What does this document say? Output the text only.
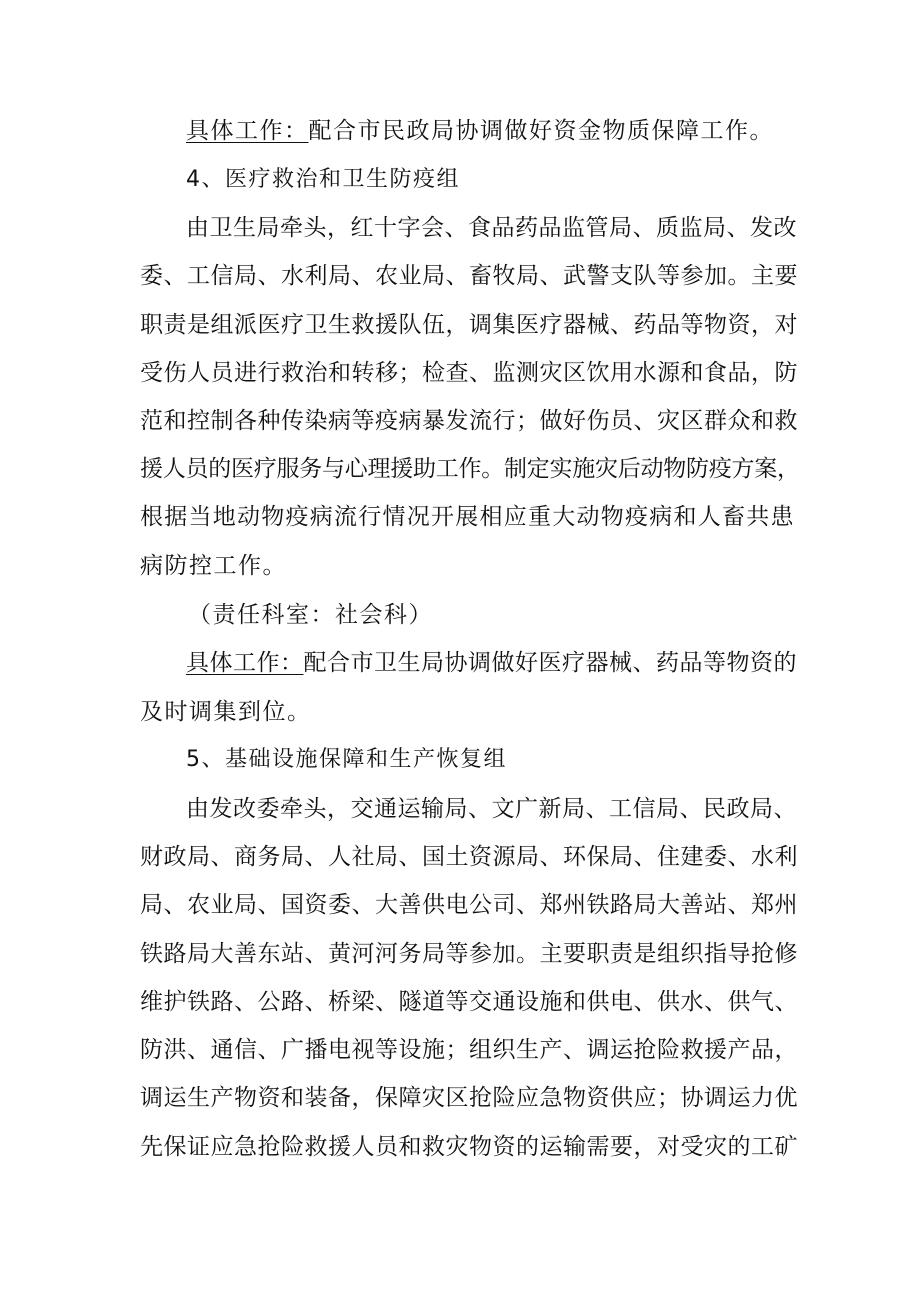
具体工作：配合市民政局协调做好资金物质保障工作。
4、医疗救治和卫生防疫组
由卫生局牵头，红十字会、食品药品监管局、质监局、发改
委、工信局、水利局、农业局、畜牧局、武警支队等参加。主要
职责是组派医疗卫生救援队伍，调集医疗器械、药品等物资，对
受伤人员进行救治和转移；检查、监测灾区饮用水源和食品，防
范和控制各种传染病等疫病暴发流行；做好伤员、灾区群众和救
援人员的医疗服务与心理援助工作。制定实施灾后动物防疫方案，
根据当地动物疫病流行情况开展相应重大动物疫病和人畜共患
病防控工作。
（责任科室：社会科）
具体工作：配合市卫生局协调做好医疗器械、药品等物资的
及时调集到位。
5、基础设施保障和生产恢复组
由发改委牵头，交通运输局、文广新局、工信局、民政局、
财政局、商务局、人社局、国土资源局、环保局、住建委、水利
局、农业局、国资委、大善供电公司、郑州铁路局大善站、郑州
铁路局大善东站、黄河河务局等参加。主要职责是组织指导抢修
维护铁路、公路、桥梁、隧道等交通设施和供电、供水、供气、
防洪、通信、广播电视等设施；组织生产、调运抢险救援产品，
调运生产物资和装备，保障灾区抢险应急物资供应；协调运力优
先保证应急抢险救援人员和救灾物资的运输需要，对受灾的工矿
